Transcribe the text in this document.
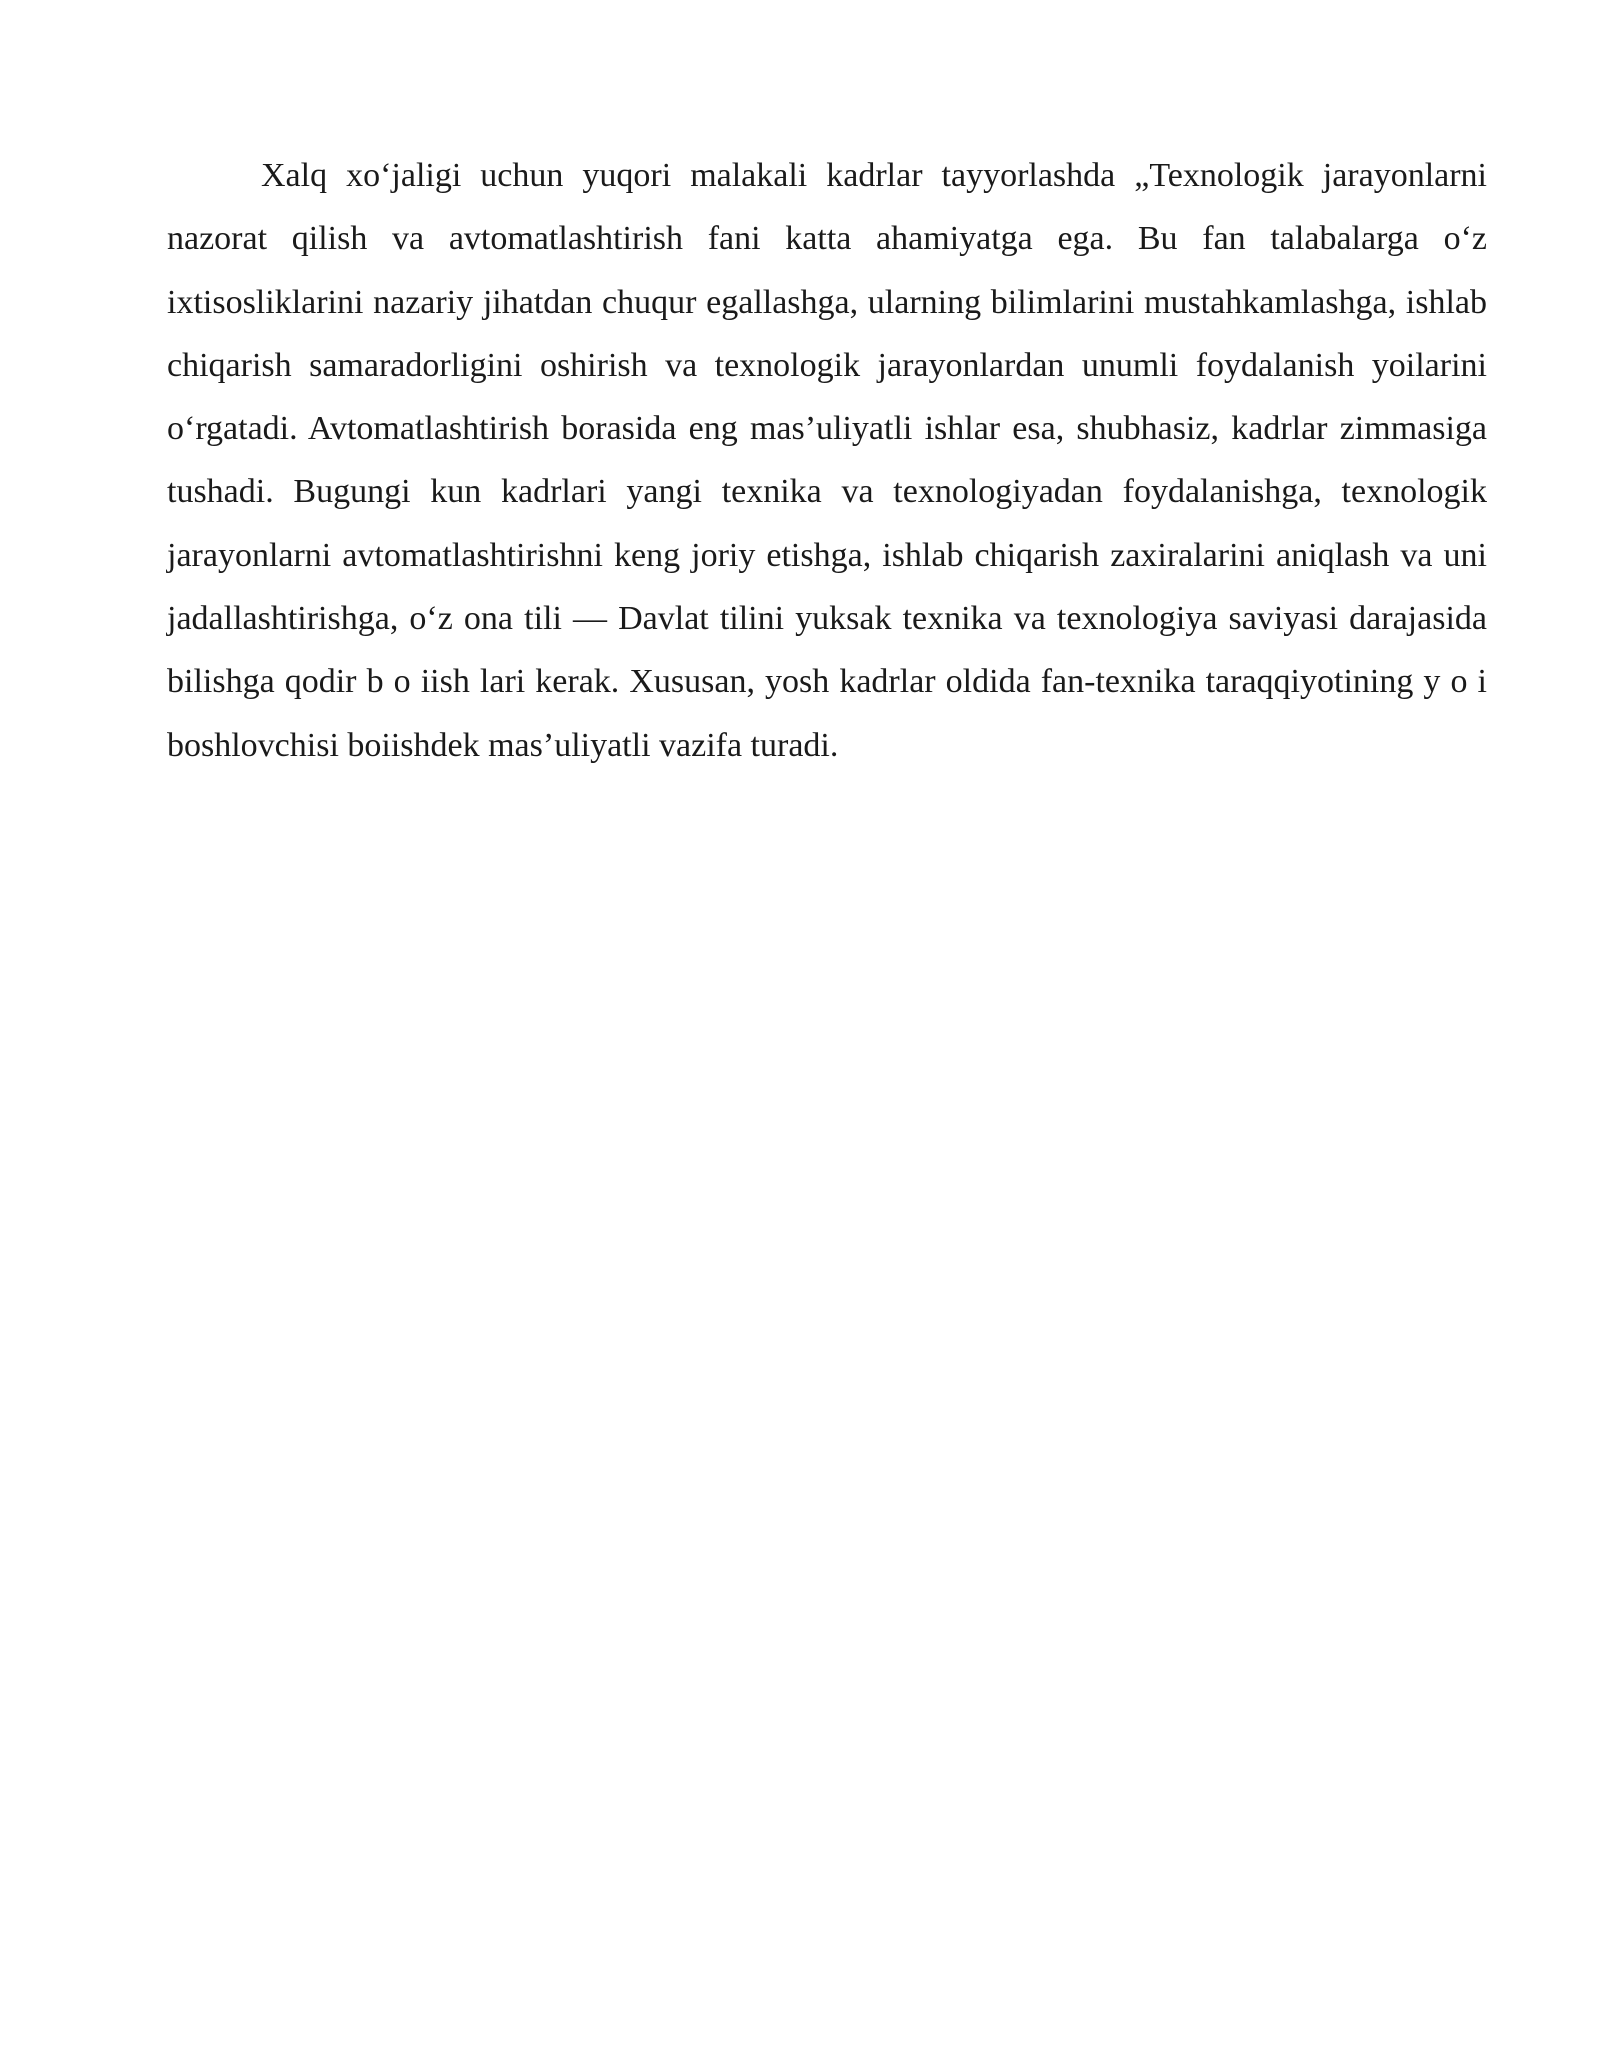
Xalq xo‘jaligi uchun yuqori malakali kadrlar tayyorlashda „Texnologik jarayonlarni nazorat qilish va avtomatlashtirish fani katta ahamiyatga ega. Bu fan talabalarga o‘z ixtisosliklarini nazariy jihatdan chuqur egallashga, ularning bilimlarini mustahkamlashga, ishlab chiqarish samaradorligini oshirish va texnologik jarayonlardan unumli foydalanish yoilarini o‘rgatadi. Avtomatlashtirish borasida eng mas’uliyatli ishlar esa, shubhasiz, kadrlar zimmasiga tushadi. Bugungi kun kadrlari yangi texnika va texnologiyadan foydalanishga, texnologik jarayonlarni avtomatlashtirishni keng joriy etishga, ishlab chiqarish zaxiralarini aniqlash va uni jadallashtirishga, o‘z ona tili — Davlat tilini yuksak texnika va texnologiya saviyasi darajasida bilishga qodir b o iish lari kerak. Xususan, yosh kadrlar oldida fan-texnika taraqqiyotining y o i boshlovchisi boiishdek mas’uliyatli vazifa turadi.
